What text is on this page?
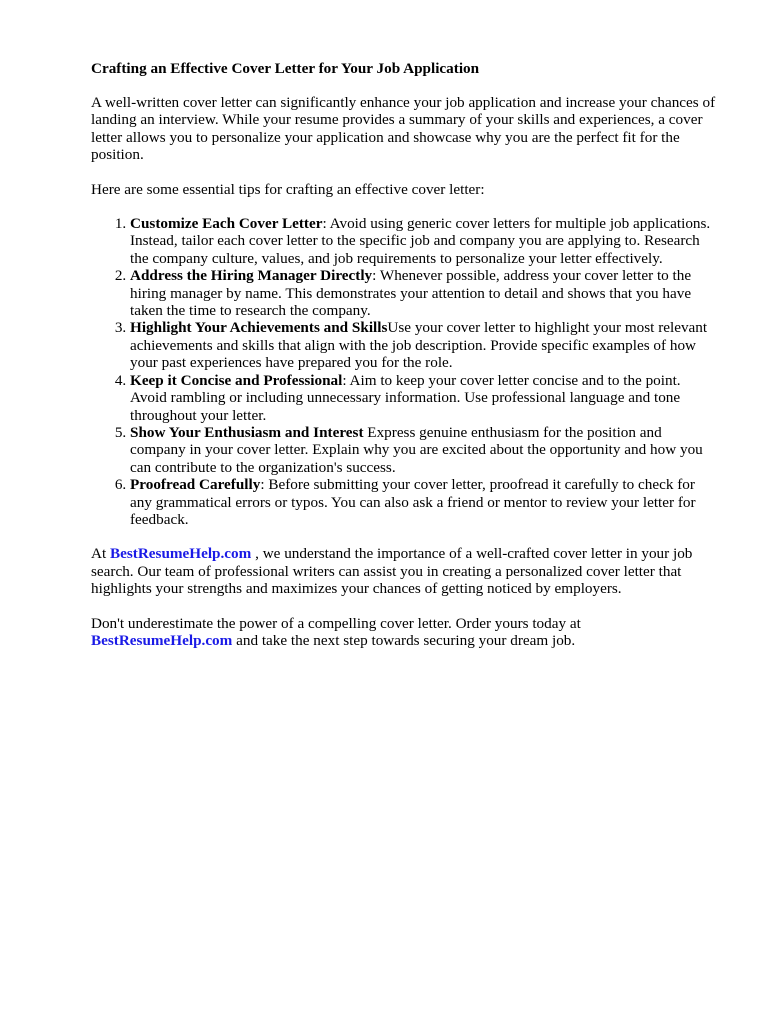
Crafting an Effective Cover Letter for Your Job Application

A well-written cover letter can significantly enhance your job application and increase your chances of landing an interview. While your resume provides a summary of your skills and experiences, a cover letter allows you to personalize your application and showcase why you are the perfect fit for the position.

Here are some essential tips for crafting an effective cover letter:

1. Customize Each Cover Letter: Avoid using generic cover letters for multiple job applications. Instead, tailor each cover letter to the specific job and company you are applying to. Research the company culture, values, and job requirements to personalize your letter effectively.
2. Address the Hiring Manager Directly: Whenever possible, address your cover letter to the hiring manager by name. This demonstrates your attention to detail and shows that you have taken the time to research the company.
3. Highlight Your Achievements and SkillsUse your cover letter to highlight your most relevant achievements and skills that align with the job description. Provide specific examples of how your past experiences have prepared you for the role.
4. Keep it Concise and Professional: Aim to keep your cover letter concise and to the point. Avoid rambling or including unnecessary information. Use professional language and tone throughout your letter.
5. Show Your Enthusiasm and Interest Express genuine enthusiasm for the position and company in your cover letter. Explain why you are excited about the opportunity and how you can contribute to the organization's success.
6. Proofread Carefully: Before submitting your cover letter, proofread it carefully to check for any grammatical errors or typos. You can also ask a friend or mentor to review your letter for feedback.

At BestResumeHelp.com , we understand the importance of a well-crafted cover letter in your job search. Our team of professional writers can assist you in creating a personalized cover letter that highlights your strengths and maximizes your chances of getting noticed by employers.

Don't underestimate the power of a compelling cover letter. Order yours today at BestResumeHelp.com and take the next step towards securing your dream job.
